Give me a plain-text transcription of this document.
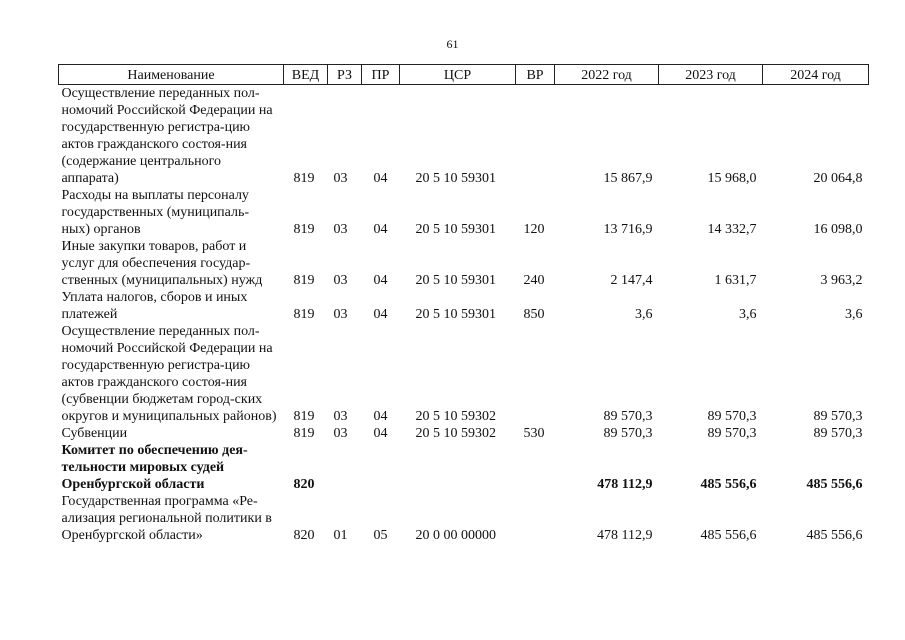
61
Наименование	ВЕД	РЗ	ПР	ЦСР	ВР	2022 год	2023 год	2024 год
Осуществление переданных пол-номочий Российской Федерации на государственную регистра-цию актов гражданского состоя-ния (содержание центрального аппарата)	819	03	04	20 5 10 59301		15 867,9	15 968,0	20 064,8
Расходы на выплаты персоналу государственных (муниципаль-ных) органов	819	03	04	20 5 10 59301	120	13 716,9	14 332,7	16 098,0
Иные закупки товаров, работ и услуг для обеспечения государ-ственных (муниципальных) нужд	819	03	04	20 5 10 59301	240	2 147,4	1 631,7	3 963,2
Уплата налогов, сборов и иных платежей	819	03	04	20 5 10 59301	850	3,6	3,6	3,6
Осуществление переданных пол-номочий Российской Федерации на государственную регистра-цию актов гражданского состоя-ния (субвенции бюджетам город-ских округов и муниципальных районов)	819	03	04	20 5 10 59302		89 570,3	89 570,3	89 570,3
Субвенции	819	03	04	20 5 10 59302	530	89 570,3	89 570,3	89 570,3
Комитет по обеспечению дея-тельности мировых судей Оренбургской области	820					478 112,9	485 556,6	485 556,6
Государственная программа «Ре-ализация региональной политики в Оренбургской области»	820	01	05	20 0 00 00000		478 112,9	485 556,6	485 556,6
